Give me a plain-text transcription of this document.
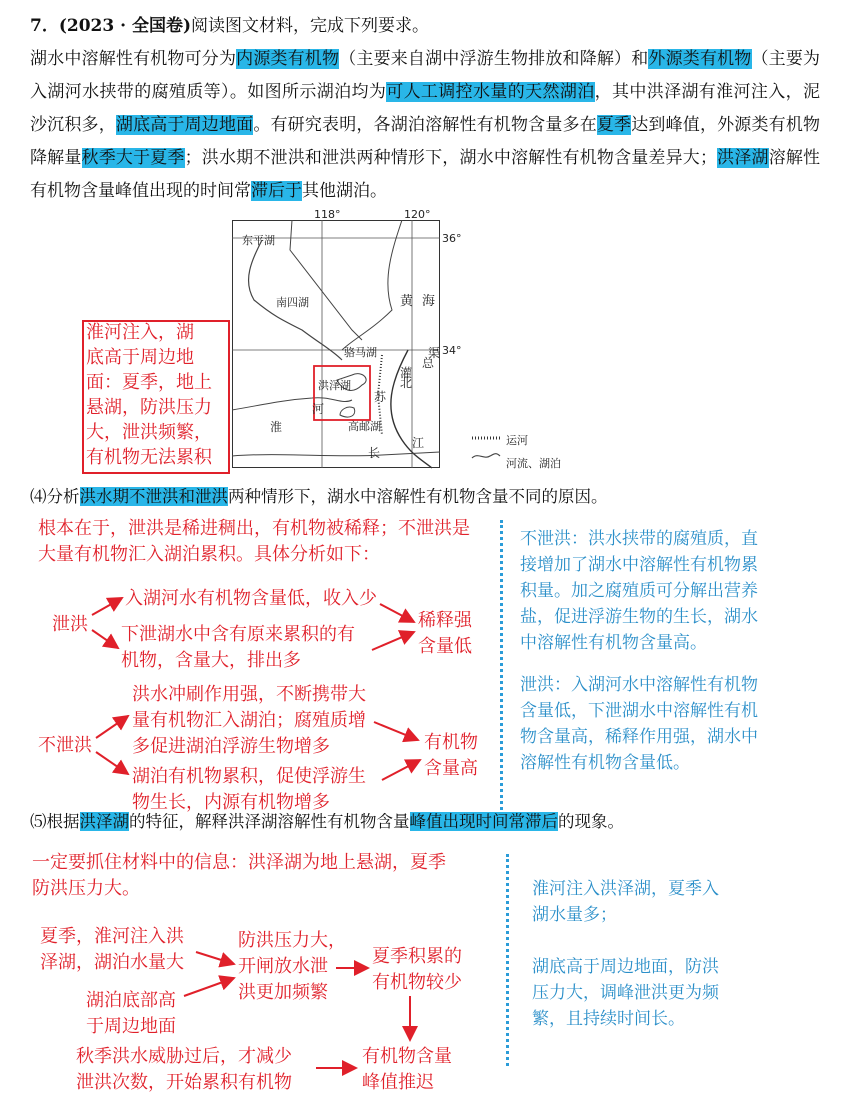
7．(2023 · 全国卷)阅读图文材料，完成下列要求。
湖水中溶解性有机物可分为内源类有机物（主要来自湖中浮游生物排放和降解）和外源类有机物（主要为入湖河水挟带的腐殖质等）。如图所示湖泊均为可人工调控水量的天然湖泊，其中洪泽湖有淮河注入，泥沙沉积多，湖底高于周边地面。有研究表明，各湖泊溶解性有机物含量多在夏季达到峰值，外源类有机物降解量秋季大于夏季；洪水期不泄洪和泄洪两种情形下，湖水中溶解性有机物含量差异大；洪泽湖溶解性有机物含量峰值出现的时间常滞后于其他湖泊。
118°	120°
36°
34°
东平湖
南四湖
骆马湖
洪泽湖
高邮湖
黄 海
苏
北
灌
总
渠
淮
河
长
江	运河
河流、湖泊
淮河注入，湖
底高于周边地
面：夏季，地上
悬湖，防洪压力
大，泄洪频繁，
有机物无法累积
⑷分析洪水期不泄洪和泄洪两种情形下，湖水中溶解性有机物含量不同的原因。
根本在于，泄洪是稀进稠出，有机物被稀释；不泄洪是
大量有机物汇入湖泊累积。具体分析如下：
泄洪
入湖河水有机物含量低，收入少
下泄湖水中含有原来累积的有
机物，含量大，排出多
稀释强
含量低
不泄洪
洪水冲刷作用强，不断携带大
量有机物汇入湖泊；腐殖质增
多促进湖泊浮游生物增多
湖泊有机物累积，促使浮游生
物生长，内源有机物增多
有机物
含量高
不泄洪：洪水挟带的腐殖质，直
接增加了湖水中溶解性有机物累
积量。加之腐殖质可分解出营养
盐，促进浮游生物的生长，湖水
中溶解性有机物含量高。
泄洪：入湖河水中溶解性有机物
含量低，下泄湖水中溶解性有机
物含量高，稀释作用强，湖水中
溶解性有机物含量低。
⑸根据洪泽湖的特征，解释洪泽湖溶解性有机物含量峰值出现时间常滞后的现象。
一定要抓住材料中的信息：洪泽湖为地上悬湖，夏季
防洪压力大。
夏季，淮河注入洪
泽湖，湖泊水量大
湖泊底部高
于周边地面
防洪压力大，
开闸放水泄
洪更加频繁
夏季积累的
有机物较少
秋季洪水威胁过后，才减少
泄洪次数，开始累积有机物
有机物含量
峰值推迟
淮河注入洪泽湖，夏季入
湖水量多；
湖底高于周边地面，防洪
压力大，调峰泄洪更为频
繁，且持续时间长。
